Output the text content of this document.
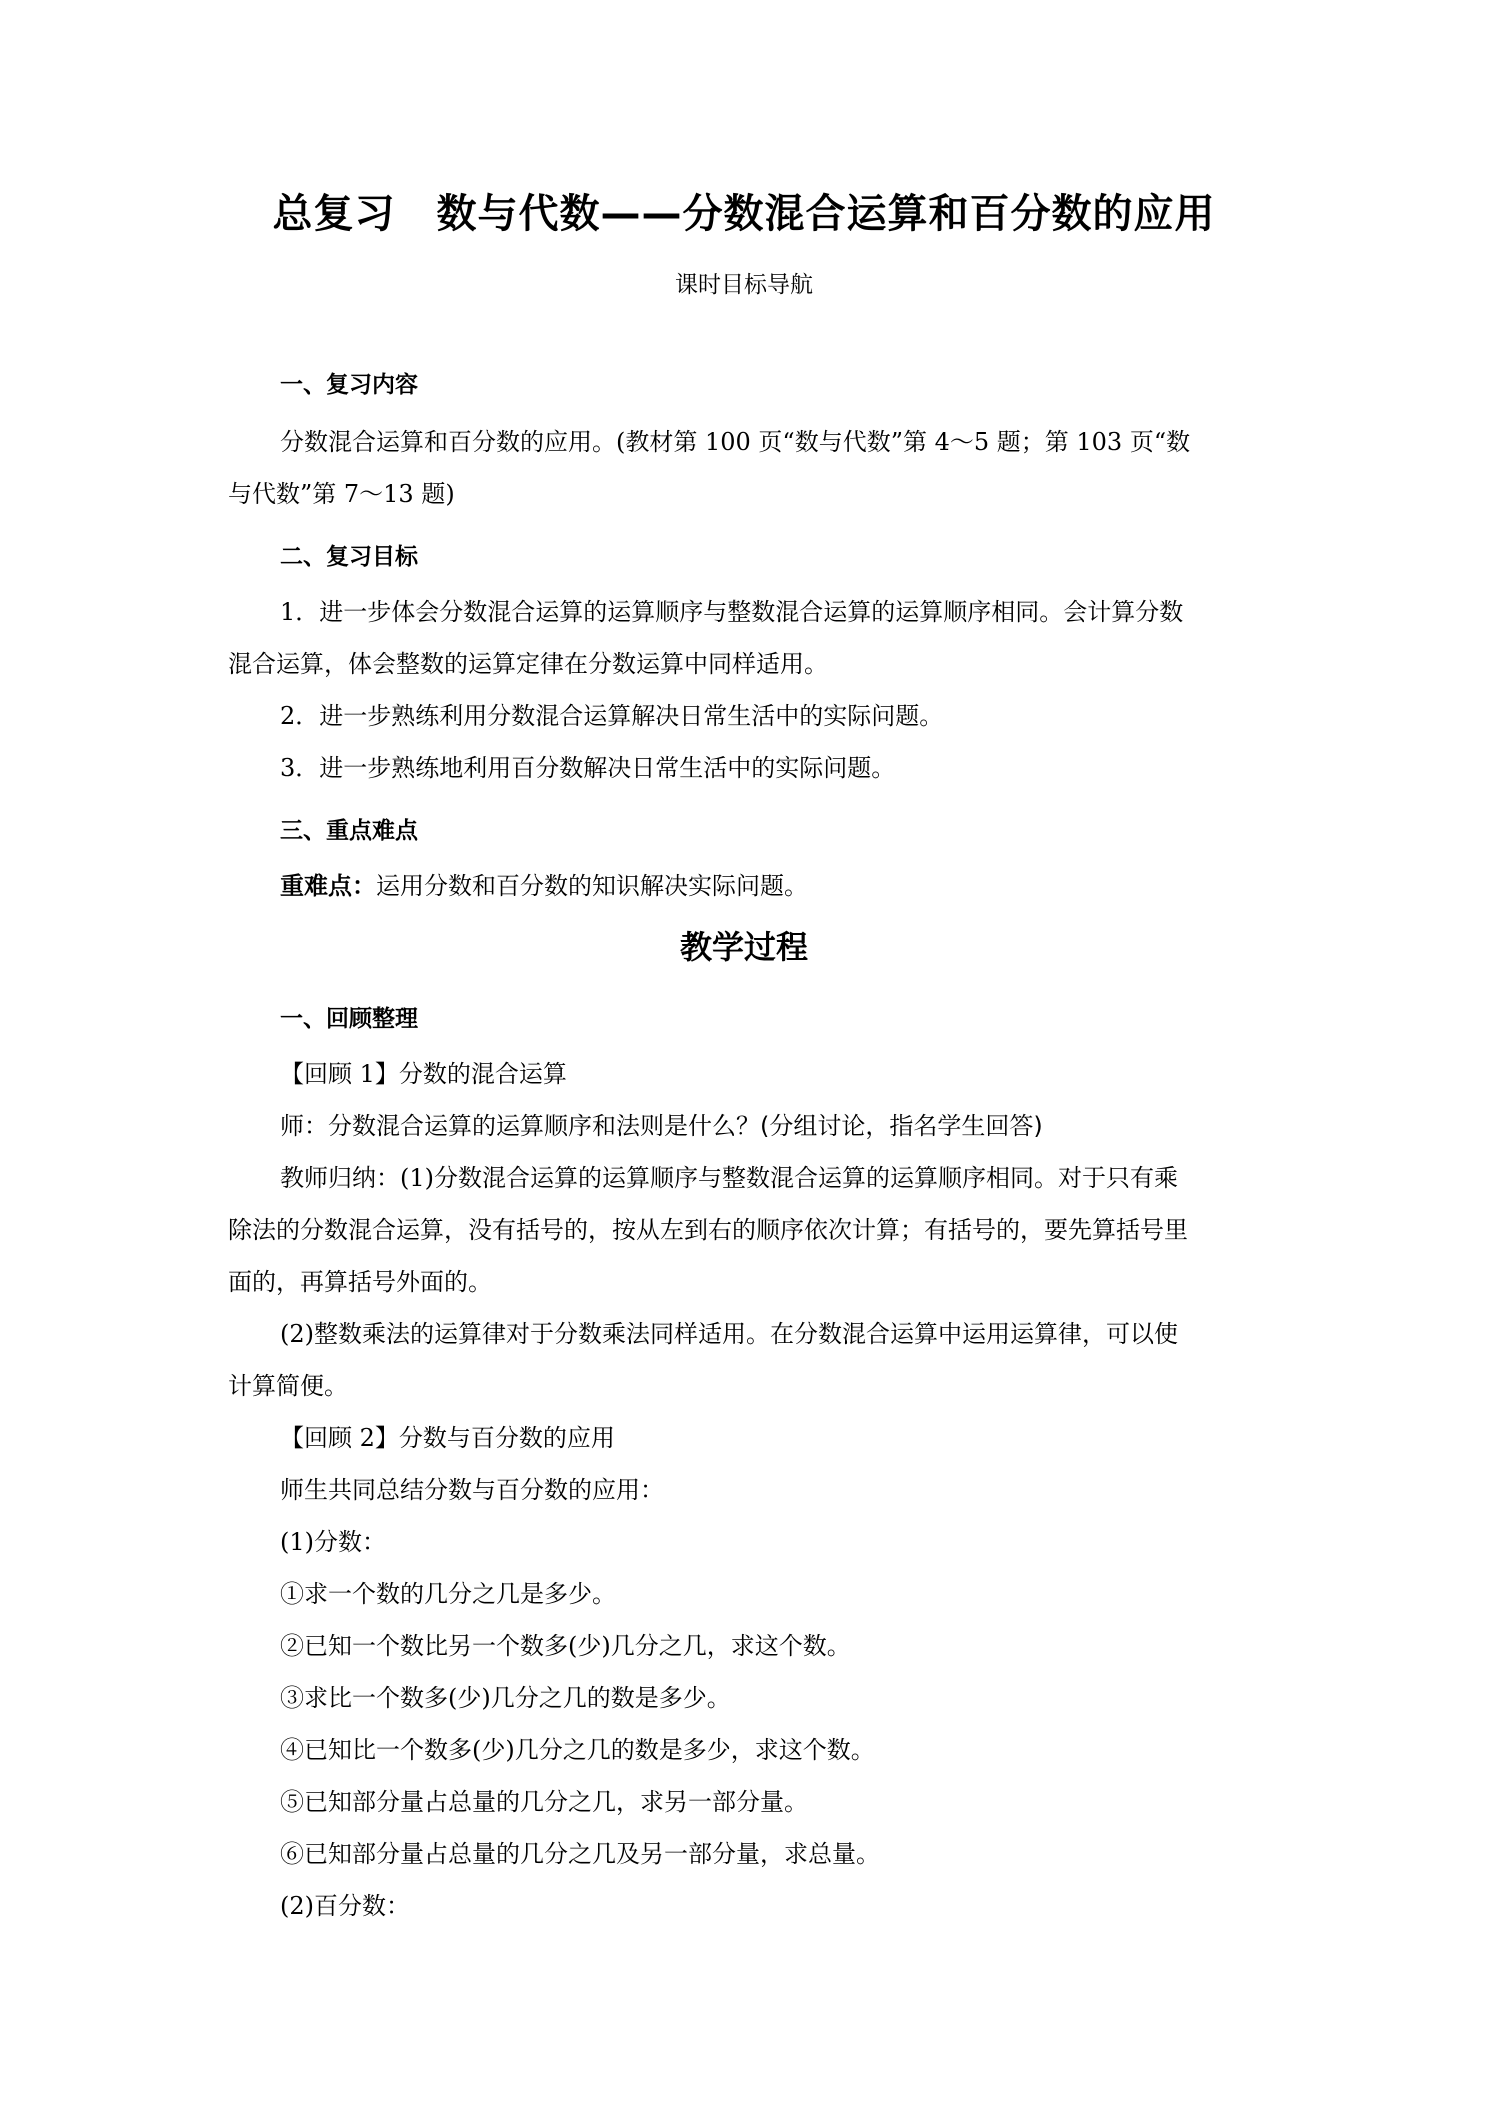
总复习　数与代数——分数混合运算和百分数的应用
课时目标导航
一、复习内容
分数混合运算和百分数的应用。(教材第 100 页“数与代数”第 4～5 题；第 103 页“数
与代数”第 7～13 题)
二、复习目标
1．进一步体会分数混合运算的运算顺序与整数混合运算的运算顺序相同。会计算分数
混合运算，体会整数的运算定律在分数运算中同样适用。
2．进一步熟练利用分数混合运算解决日常生活中的实际问题。
3．进一步熟练地利用百分数解决日常生活中的实际问题。
三、重点难点
重难点：运用分数和百分数的知识解决实际问题。
教学过程
一、回顾整理
【回顾 1】分数的混合运算
师：分数混合运算的运算顺序和法则是什么？(分组讨论，指名学生回答)
教师归纳：(1)分数混合运算的运算顺序与整数混合运算的运算顺序相同。对于只有乘
除法的分数混合运算，没有括号的，按从左到右的顺序依次计算；有括号的，要先算括号里
面的，再算括号外面的。
(2)整数乘法的运算律对于分数乘法同样适用。在分数混合运算中运用运算律，可以使
计算简便。
【回顾 2】分数与百分数的应用
师生共同总结分数与百分数的应用：
(1)分数：
①求一个数的几分之几是多少。
②已知一个数比另一个数多(少)几分之几，求这个数。
③求比一个数多(少)几分之几的数是多少。
④已知比一个数多(少)几分之几的数是多少，求这个数。
⑤已知部分量占总量的几分之几，求另一部分量。
⑥已知部分量占总量的几分之几及另一部分量，求总量。
(2)百分数：
